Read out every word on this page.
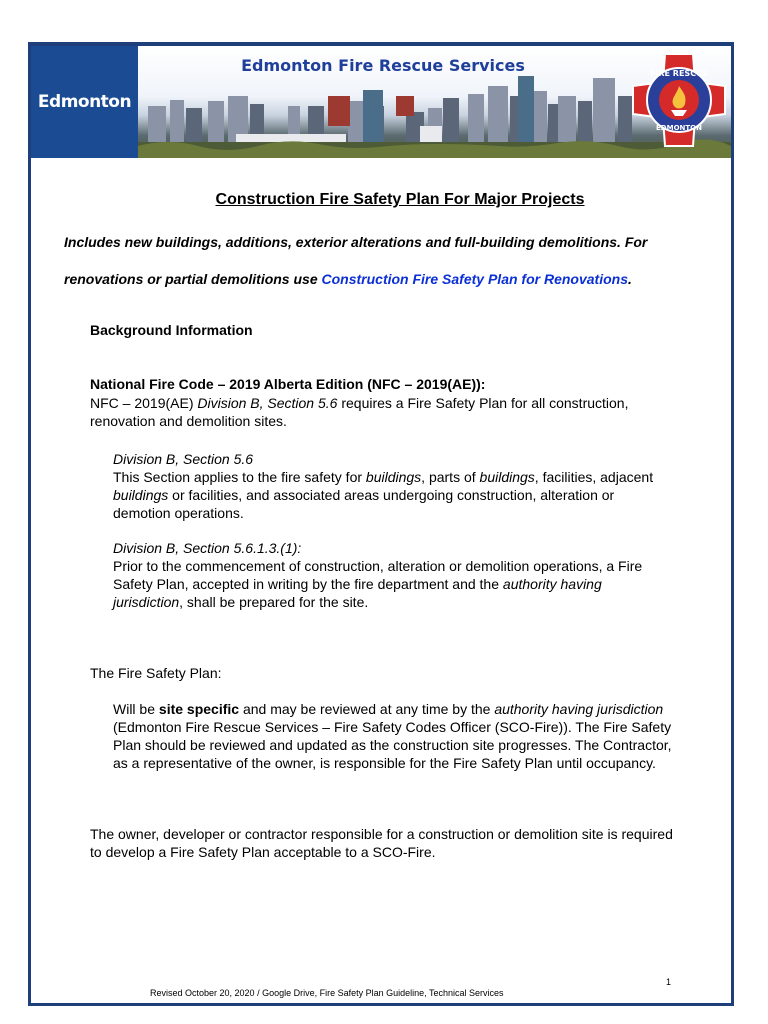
Edmonton
Edmonton Fire Rescue Services	FIRE RESCUE
EDMONTON
Construction Fire Safety Plan For Major Projects
Includes new buildings, additions, exterior alterations and full-building demolitions. For
renovations or partial demolitions use Construction Fire Safety Plan for Renovations.

Background Information

National Fire Code – 2019 Alberta Edition (NFC – 2019(AE)):

NFC – 2019(AE) Division B, Section 5.6 requires a Fire Safety Plan for all construction, renovation and demolition sites.

Division B, Section 5.6

This Section applies to the fire safety for buildings, parts of buildings, facilities, adjacent buildings or facilities, and associated areas undergoing construction, alteration or demotion operations.

Division B, Section 5.6.1.3.(1):

Prior to the commencement of construction, alteration or demolition operations, a Fire Safety Plan, accepted in writing by the fire department and the authority having jurisdiction, shall be prepared for the site.

The Fire Safety Plan:

Will be site specific and may be reviewed at any time by the authority having jurisdiction (Edmonton Fire Rescue Services – Fire Safety Codes Officer (SCO-Fire)). The Fire Safety Plan should be reviewed and updated as the construction site progresses. The Contractor, as a representative of the owner, is responsible for the Fire Safety Plan until occupancy.

The owner, developer or contractor responsible for a construction or demolition site is required to develop a Fire Safety Plan acceptable to a SCO-Fire.

1
Revised October 20, 2020 / Google Drive, Fire Safety Plan Guideline, Technical Services
